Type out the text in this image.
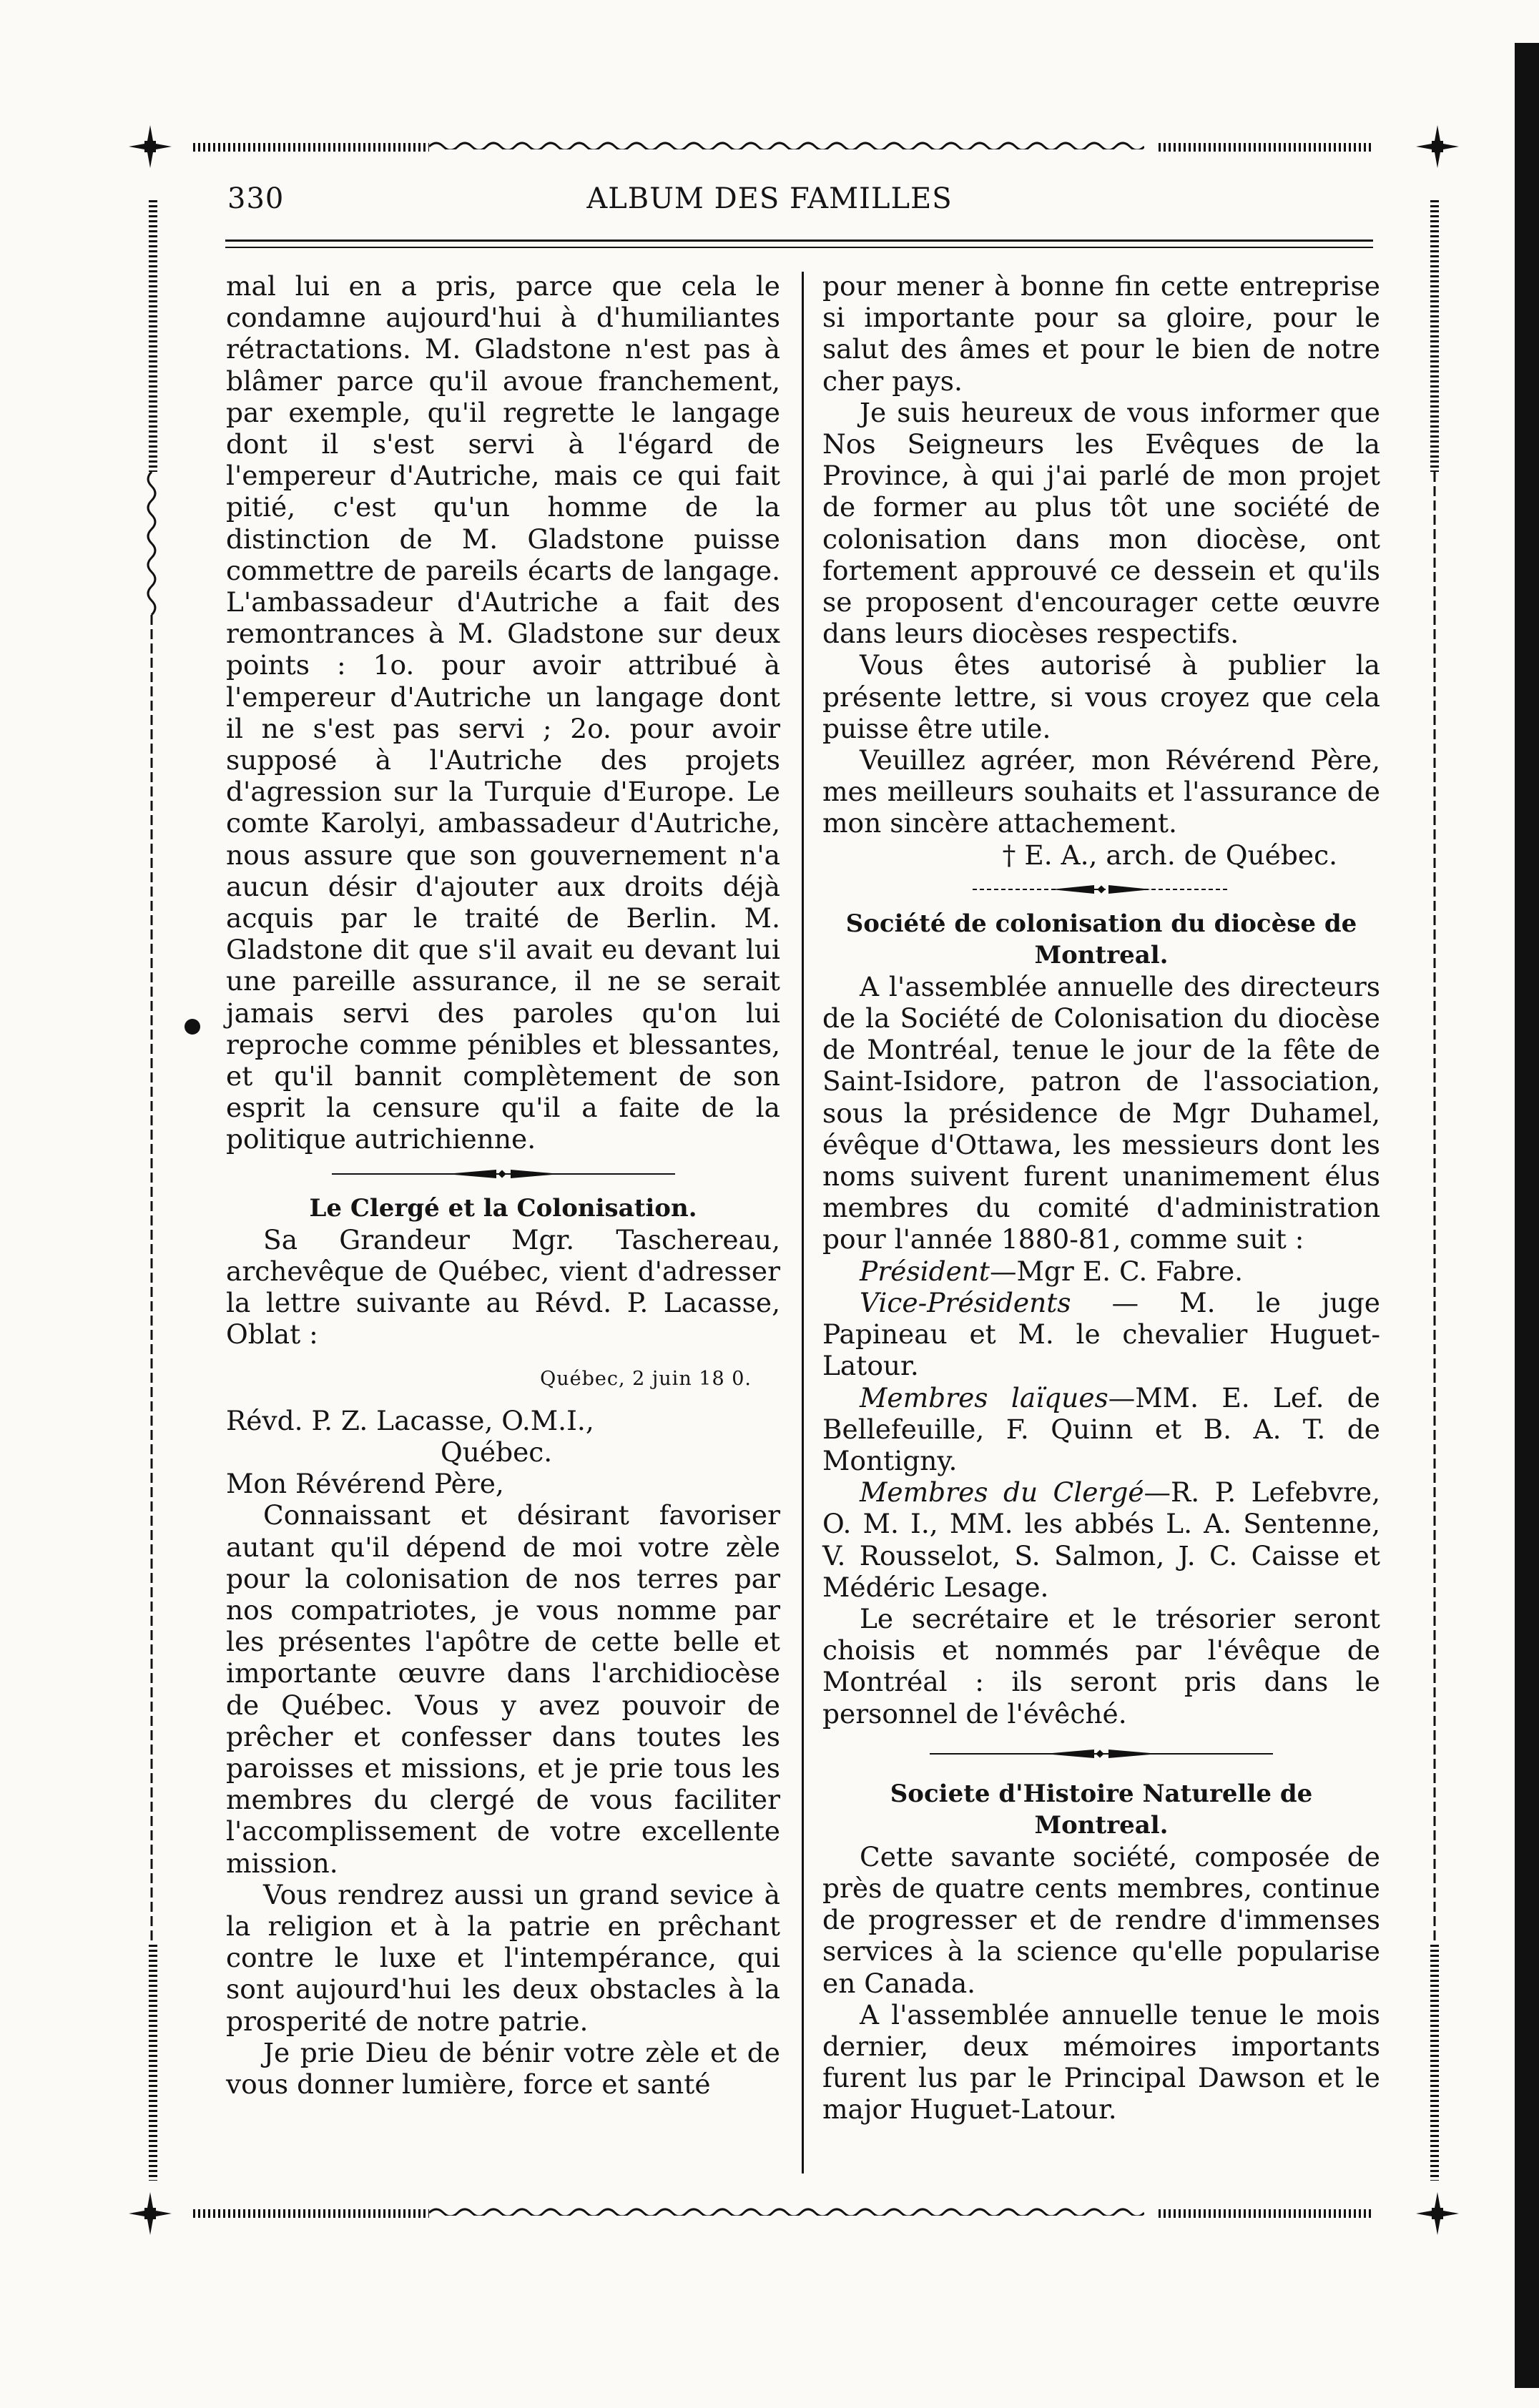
330	ALBUM DES FAMILLES

mal lui en a pris, parce que cela le condamne aujourd'hui à d'humiliantes rétractations. M. Gladstone n'est pas à blâmer parce qu'il avoue franchement, par exemple, qu'il regrette le langage dont il s'est servi à l'égard de l'empereur d'Autriche, mais ce qui fait pitié, c'est qu'un homme de la distinction de M. Gladstone puisse commettre de pareils écarts de langage. L'ambassadeur d'Autriche a fait des remontrances à M. Gladstone sur deux points : 1o. pour avoir attribué à l'empereur d'Autriche un langage dont il ne s'est pas servi ; 2o. pour avoir supposé à l'Autriche des projets d'agression sur la Turquie d'Europe. Le comte Karolyi, ambassadeur d'Autriche, nous assure que son gouvernement n'a aucun désir d'ajouter aux droits déjà acquis par le traité de Berlin. M. Gladstone dit que s'il avait eu devant lui une pareille assurance, il ne se serait jamais servi des paroles qu'on lui reproche comme pénibles et blessantes, et qu'il bannit complètement de son esprit la censure qu'il a faite de la politique autrichienne.

Le Clergé et la Colonisation.

Sa Grandeur Mgr. Taschereau, archevêque de Québec, vient d'adresser la lettre suivante au Révd. P. Lacasse, Oblat :

Québec, 2 juin 18 0.

Révd. P. Z. Lacasse, O.M.I.,

Québec.

Mon Révérend Père,

Connaissant et désirant favoriser autant qu'il dépend de moi votre zèle pour la colonisation de nos terres par nos compatriotes, je vous nomme par les présentes l'apôtre de cette belle et importante œuvre dans l'archidiocèse de Québec. Vous y avez pouvoir de prêcher et confesser dans toutes les paroisses et missions, et je prie tous les membres du clergé de vous faciliter l'accomplissement de votre excellente mission.

Vous rendrez aussi un grand sevice à la religion et à la patrie en prêchant contre le luxe et l'intempérance, qui sont aujourd'hui les deux obstacles à la prosperité de notre patrie.

Je prie Dieu de bénir votre zèle et de vous donner lumière, force et santé

pour mener à bonne fin cette entreprise si importante pour sa gloire, pour le salut des âmes et pour le bien de notre cher pays.

Je suis heureux de vous informer que Nos Seigneurs les Evêques de la Province, à qui j'ai parlé de mon projet de former au plus tôt une société de colonisation dans mon diocèse, ont fortement approuvé ce dessein et qu'ils se proposent d'encourager cette œuvre dans leurs diocèses respectifs.

Vous êtes autorisé à publier la présente lettre, si vous croyez que cela puisse être utile.

Veuillez agréer, mon Révérend Père, mes meilleurs souhaits et l'assurance de mon sincère attachement.

† E. A., arch. de Québec.

Société de colonisation du diocèse de Montreal.

A l'assemblée annuelle des directeurs de la Société de Colonisation du diocèse de Montréal, tenue le jour de la fête de Saint-Isidore, patron de l'association, sous la présidence de Mgr Duhamel, évêque d'Ottawa, les messieurs dont les noms suivent furent unanimement élus membres du comité d'administration pour l'année 1880-81, comme suit :

Président—Mgr E. C. Fabre.

Vice-Présidents — M. le juge Papineau et M. le chevalier Huguet-Latour.

Membres laïques—MM. E. Lef. de Bellefeuille, F. Quinn et B. A. T. de Montigny.

Membres du Clergé—R. P. Lefebvre, O. M. I., MM. les abbés L. A. Sentenne, V. Rousselot, S. Salmon, J. C. Caisse et Médéric Lesage.

Le secrétaire et le trésorier seront choisis et nommés par l'évêque de Montréal : ils seront pris dans le personnel de l'évêché.

Societe d'Histoire Naturelle de Montreal.

Cette savante société, composée de près de quatre cents membres, continue de progresser et de rendre d'immenses services à la science qu'elle popularise en Canada.

A l'assemblée annuelle tenue le mois dernier, deux mémoires importants furent lus par le Principal Dawson et le major Huguet-Latour.
